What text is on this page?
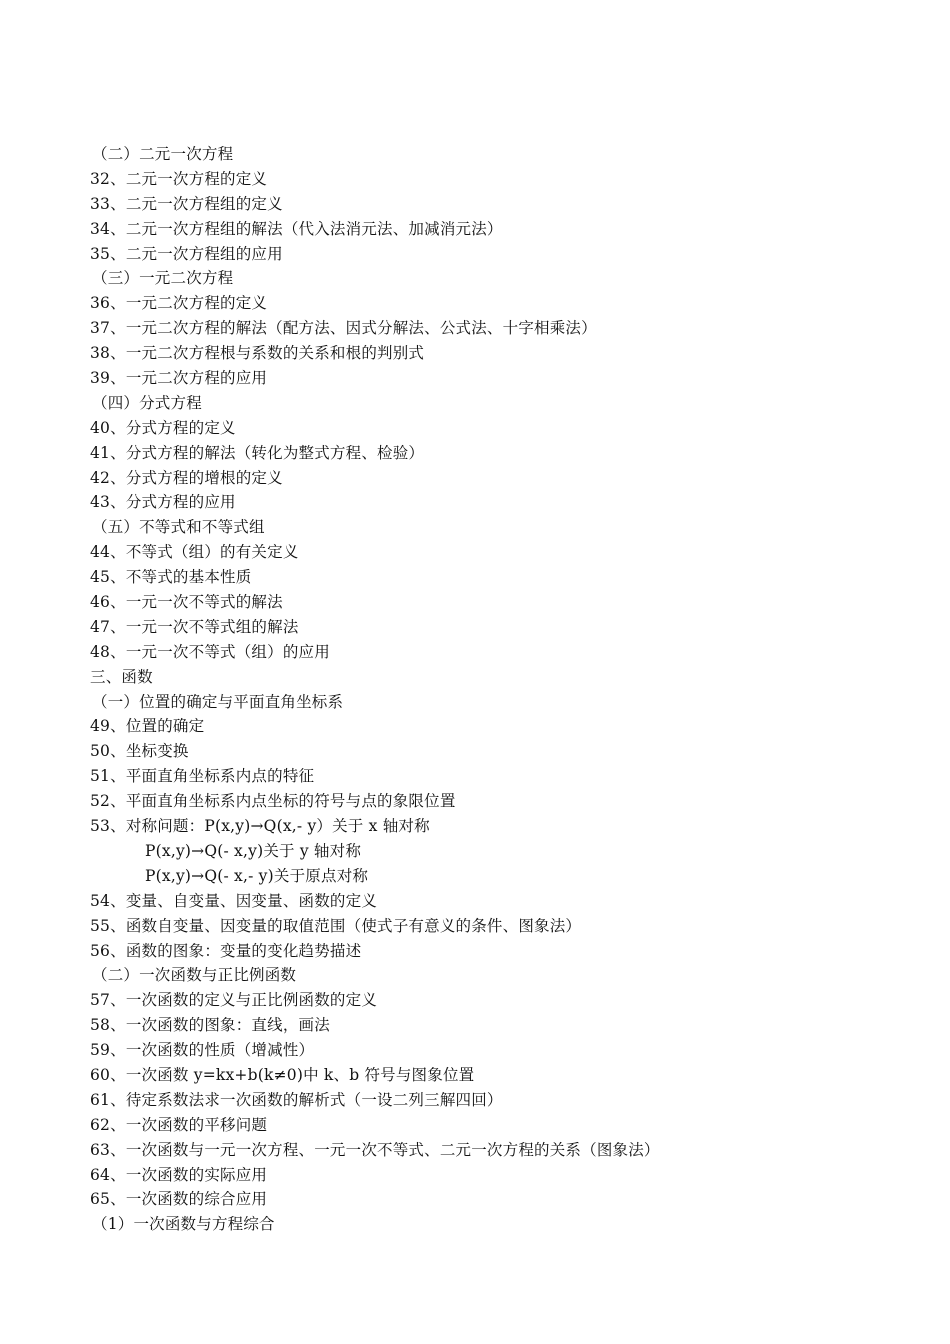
（二）二元一次方程
32、二元一次方程的定义
33、二元一次方程组的定义
34、二元一次方程组的解法（代入法消元法、加减消元法）
35、二元一次方程组的应用
（三）一元二次方程
36、一元二次方程的定义
37、一元二次方程的解法（配方法、因式分解法、公式法、十字相乘法）
38、一元二次方程根与系数的关系和根的判别式
39、一元二次方程的应用
（四）分式方程
40、分式方程的定义
41、分式方程的解法（转化为整式方程、检验）
42、分式方程的增根的定义
43、分式方程的应用
（五）不等式和不等式组
44、不等式（组）的有关定义
45、不等式的基本性质
46、一元一次不等式的解法
47、一元一次不等式组的解法
48、一元一次不等式（组）的应用
三、函数
（一）位置的确定与平面直角坐标系
49、位置的确定
50、坐标变换
51、平面直角坐标系内点的特征
52、平面直角坐标系内点坐标的符号与点的象限位置
53、对称问题：P(x,y)→Q(x,- y）关于 x 轴对称
P(x,y)→Q(- x,y)关于 y 轴对称
P(x,y)→Q(- x,- y)关于原点对称
54、变量、自变量、因变量、函数的定义
55、函数自变量、因变量的取值范围（使式子有意义的条件、图象法）
56、函数的图象：变量的变化趋势描述
（二）一次函数与正比例函数
57、一次函数的定义与正比例函数的定义
58、一次函数的图象：直线，画法
59、一次函数的性质（增减性）
60、一次函数 y=kx+b(k≠0)中 k、b 符号与图象位置
61、待定系数法求一次函数的解析式（一设二列三解四回）
62、一次函数的平移问题
63、一次函数与一元一次方程、一元一次不等式、二元一次方程的关系（图象法）
64、一次函数的实际应用
65、一次函数的综合应用
（1）一次函数与方程综合
